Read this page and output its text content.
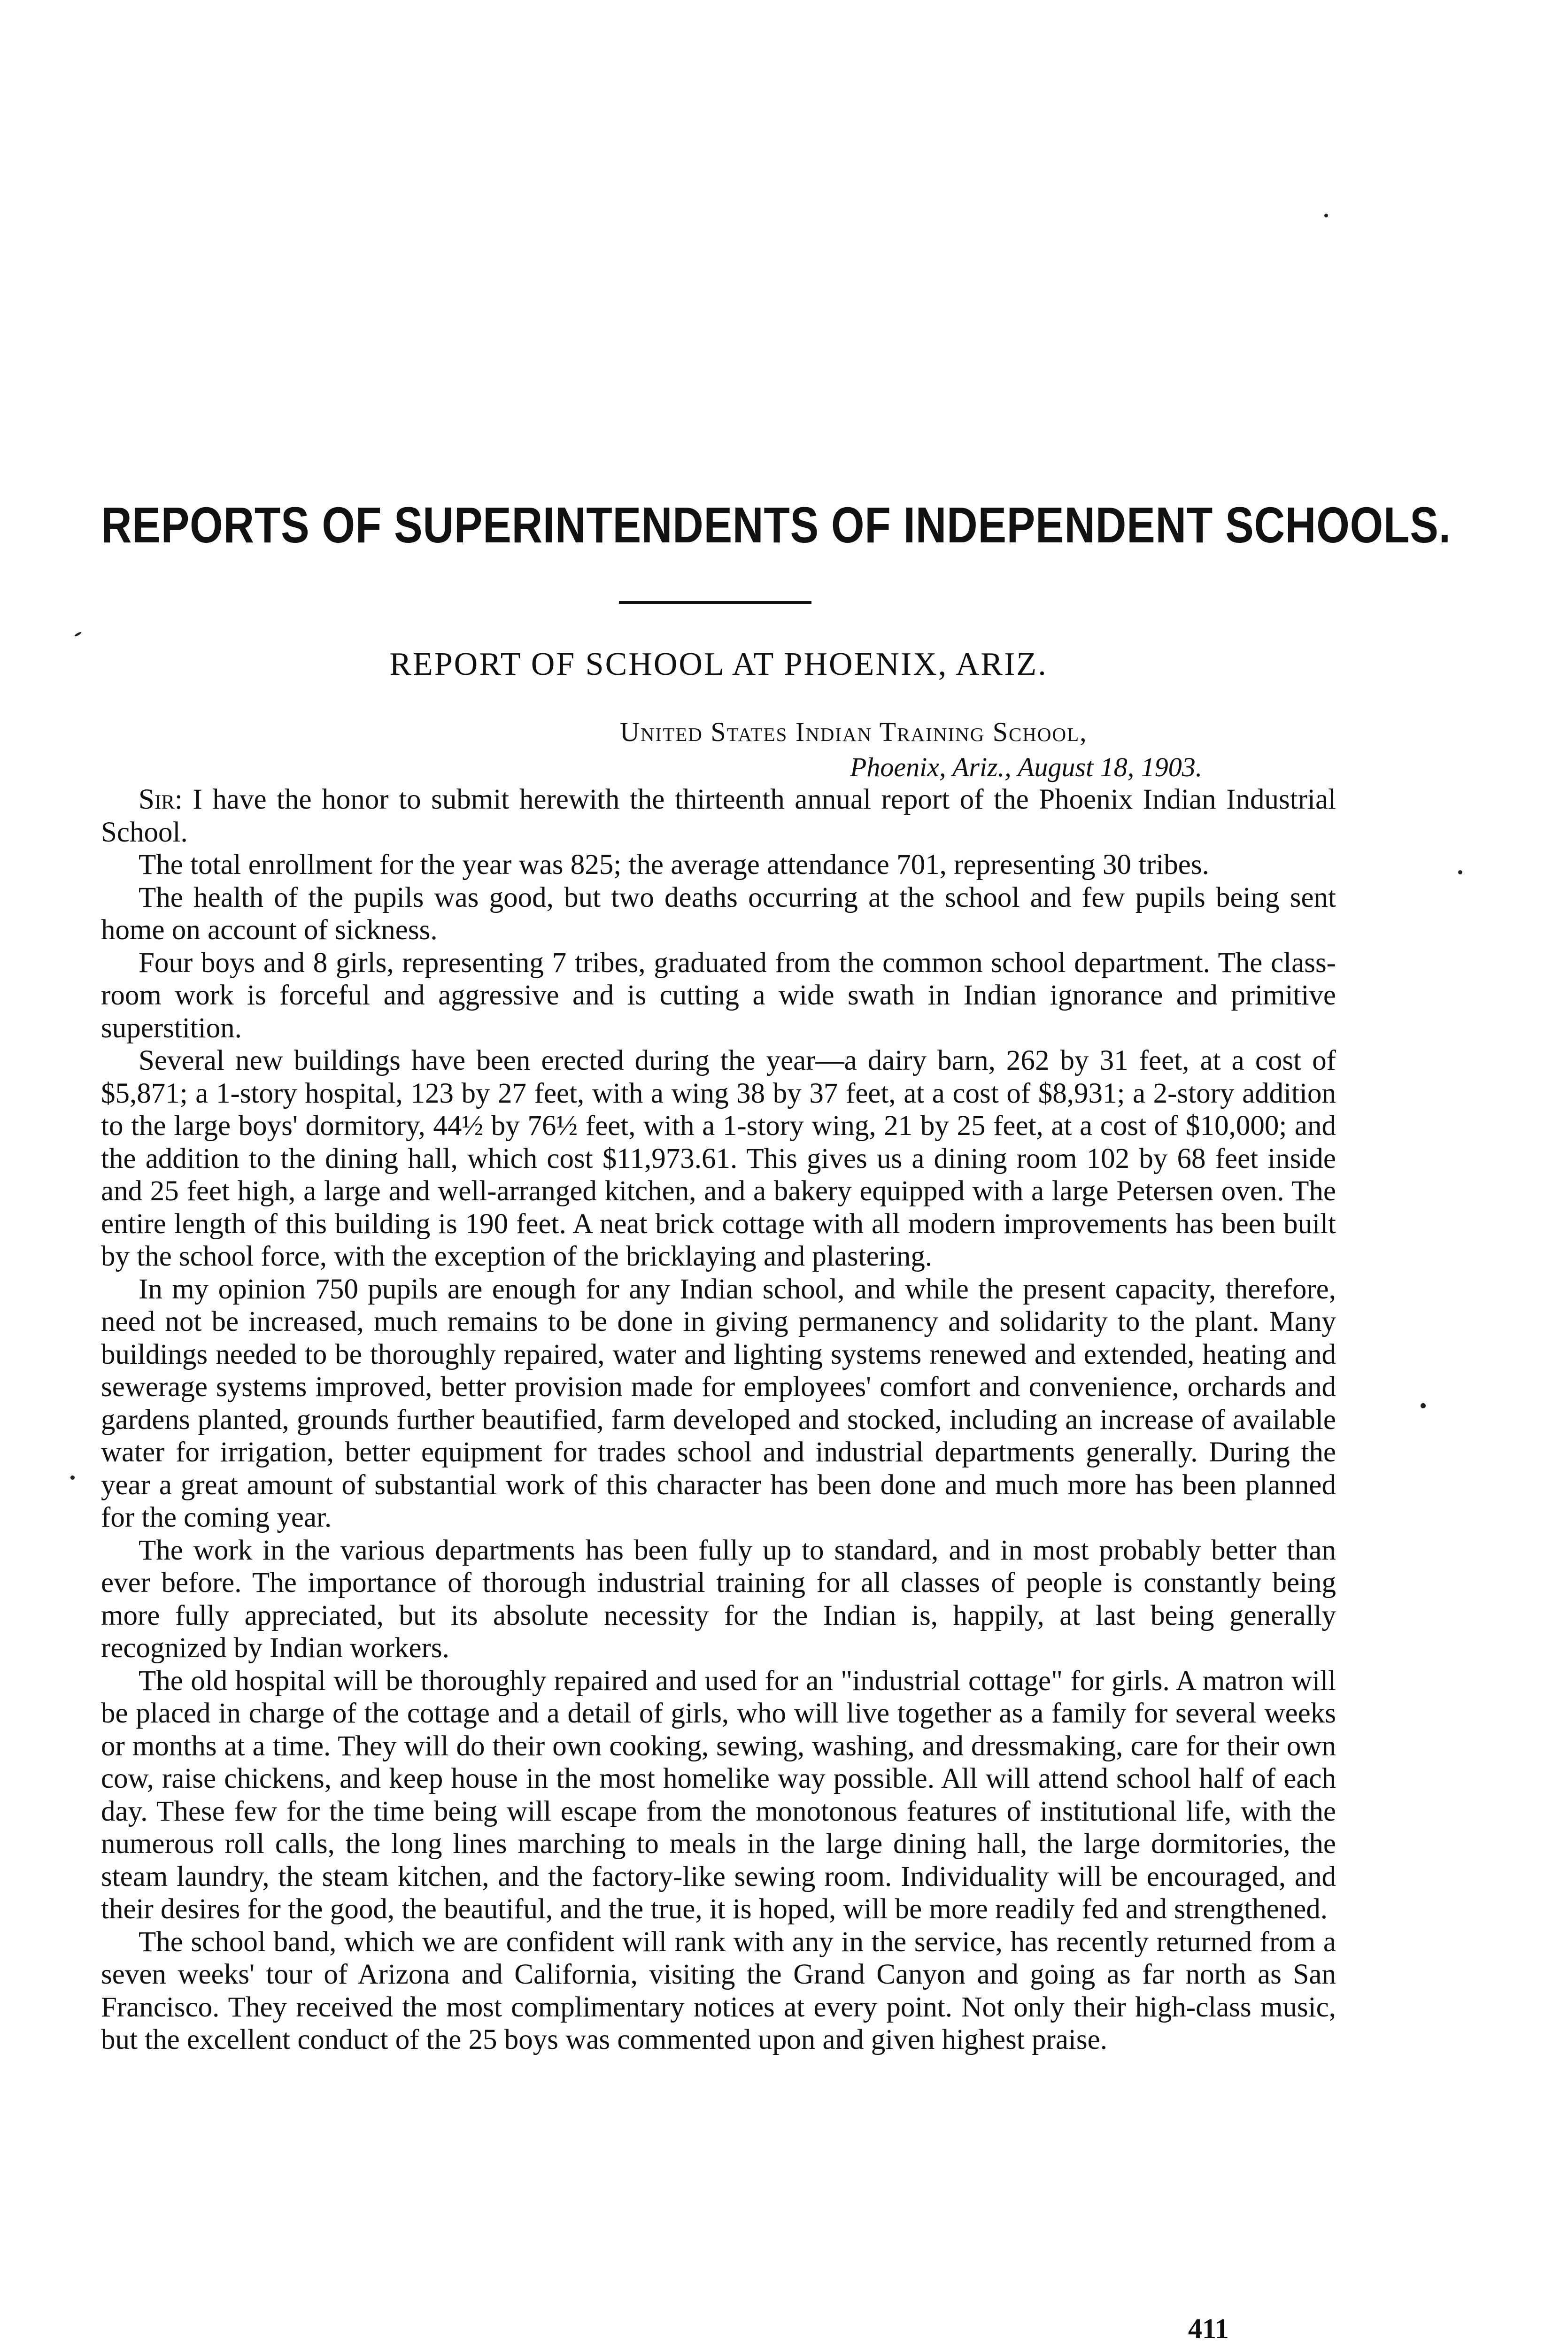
REPORTS OF SUPERINTENDENTS OF INDEPENDENT SCHOOLS.
REPORT OF SCHOOL AT PHOENIX, ARIZ.
United States Indian Training School,
Phoenix, Ariz., August 18, 1903.

Sir: I have the honor to submit herewith the thirteenth annual report of the Phoenix Indian Industrial School.

The total enrollment for the year was 825; the average attendance 701, representing 30 tribes.

The health of the pupils was good, but two deaths occurring at the school and few pupils being sent home on account of sickness.

Four boys and 8 girls, representing 7 tribes, graduated from the common school department. The class-room work is forceful and aggressive and is cutting a wide swath in Indian ignorance and primitive superstition.

Several new buildings have been erected during the year—a dairy barn, 262 by 31 feet, at a cost of $5,871; a 1-story hospital, 123 by 27 feet, with a wing 38 by 37 feet, at a cost of $8,931; a 2-story addition to the large boys' dormitory, 44½ by 76½ feet, with a 1-story wing, 21 by 25 feet, at a cost of $10,000; and the addition to the dining hall, which cost $11,973.61. This gives us a dining room 102 by 68 feet inside and 25 feet high, a large and well-arranged kitchen, and a bakery equipped with a large Petersen oven. The entire length of this building is 190 feet. A neat brick cottage with all modern improvements has been built by the school force, with the exception of the bricklaying and plastering.

In my opinion 750 pupils are enough for any Indian school, and while the present capacity, therefore, need not be increased, much remains to be done in giving permanency and solidarity to the plant. Many buildings needed to be thoroughly repaired, water and lighting systems renewed and extended, heating and sewerage systems improved, better provision made for employees' comfort and convenience, orchards and gardens planted, grounds further beautified, farm developed and stocked, including an increase of available water for irrigation, better equipment for trades school and industrial departments generally. During the year a great amount of substantial work of this character has been done and much more has been planned for the coming year.

The work in the various departments has been fully up to standard, and in most probably better than ever before. The importance of thorough industrial training for all classes of people is constantly being more fully appreciated, but its absolute necessity for the Indian is, happily, at last being generally recognized by Indian workers.

The old hospital will be thoroughly repaired and used for an "industrial cottage" for girls. A matron will be placed in charge of the cottage and a detail of girls, who will live together as a family for several weeks or months at a time. They will do their own cooking, sewing, washing, and dressmaking, care for their own cow, raise chickens, and keep house in the most homelike way possible. All will attend school half of each day. These few for the time being will escape from the monotonous features of institutional life, with the numerous roll calls, the long lines marching to meals in the large dining hall, the large dormitories, the steam laundry, the steam kitchen, and the factory-like sewing room. Individuality will be encouraged, and their desires for the good, the beautiful, and the true, it is hoped, will be more readily fed and strengthened.

The school band, which we are confident will rank with any in the service, has recently returned from a seven weeks' tour of Arizona and California, visiting the Grand Canyon and going as far north as San Francisco. They received the most complimentary notices at every point. Not only their high-class music, but the excellent conduct of the 25 boys was commented upon and given highest praise.

411
